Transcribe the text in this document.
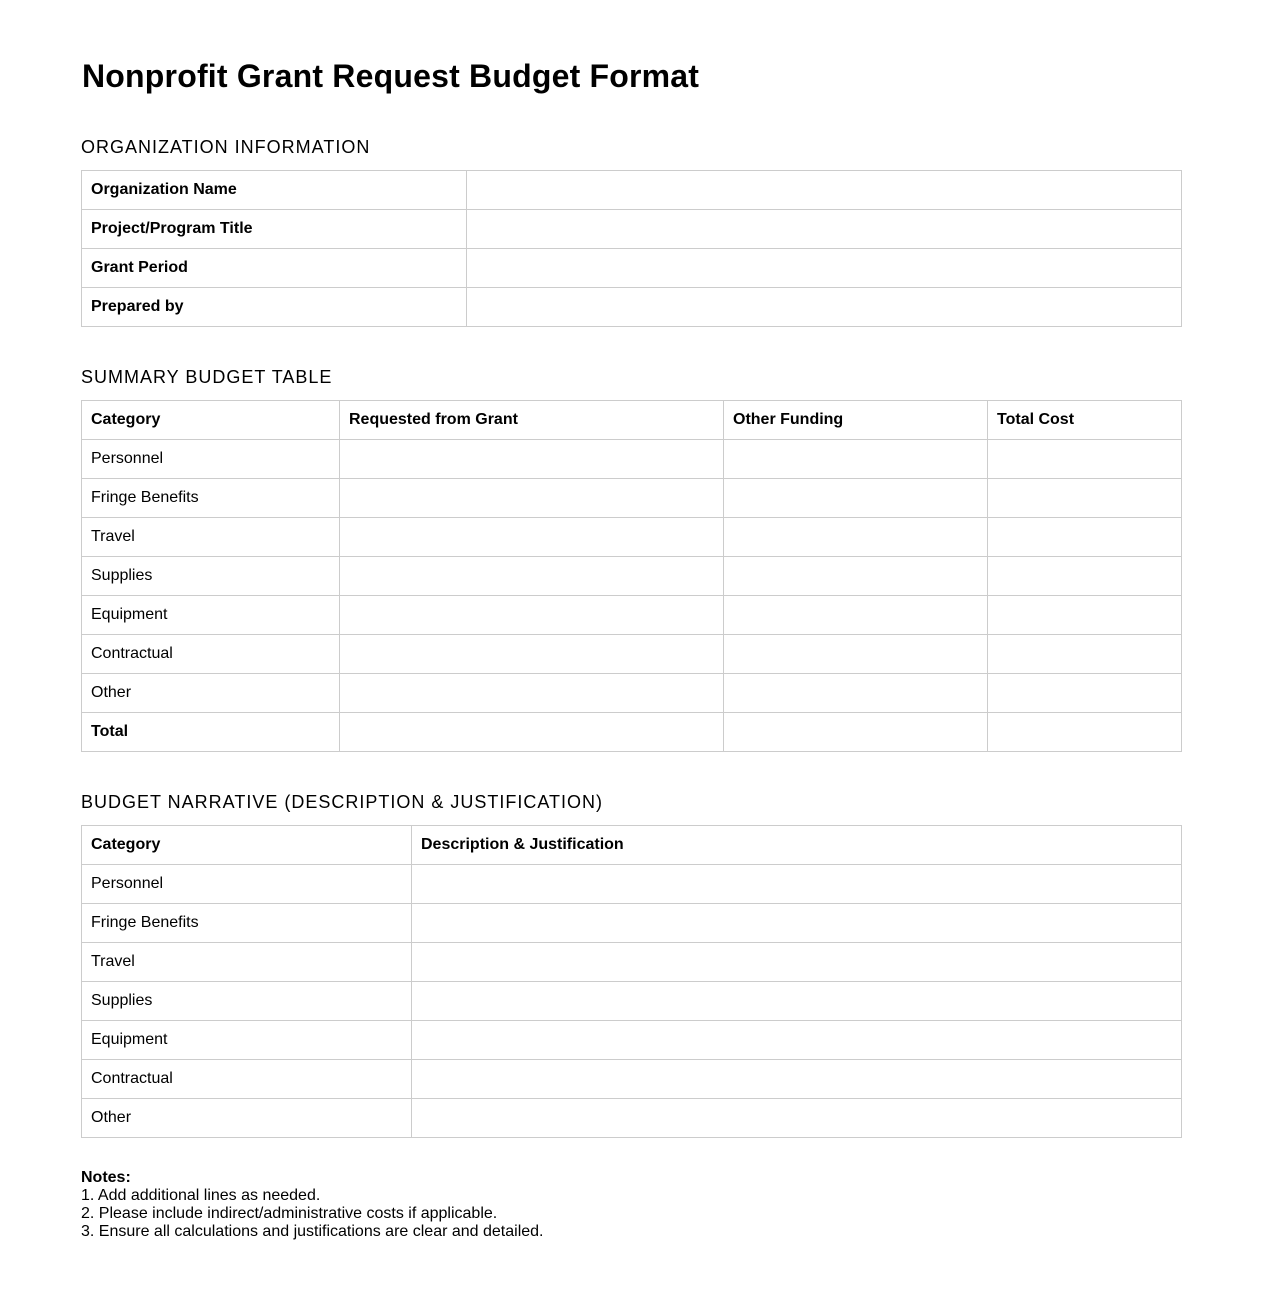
Nonprofit Grant Request Budget Format
ORGANIZATION INFORMATION
Organization Name	
Project/Program Title	
Grant Period	
Prepared by	
SUMMARY BUDGET TABLE
Category	Requested from Grant	Other Funding	Total Cost
Personnel			
Fringe Benefits			
Travel			
Supplies			
Equipment			
Contractual			
Other			
Total			
BUDGET NARRATIVE (DESCRIPTION & JUSTIFICATION)
Category	Description & Justification
Personnel	
Fringe Benefits	
Travel	
Supplies	
Equipment	
Contractual	
Other	
Notes:
1. Add additional lines as needed.
2. Please include indirect/administrative costs if applicable.
3. Ensure all calculations and justifications are clear and detailed.
